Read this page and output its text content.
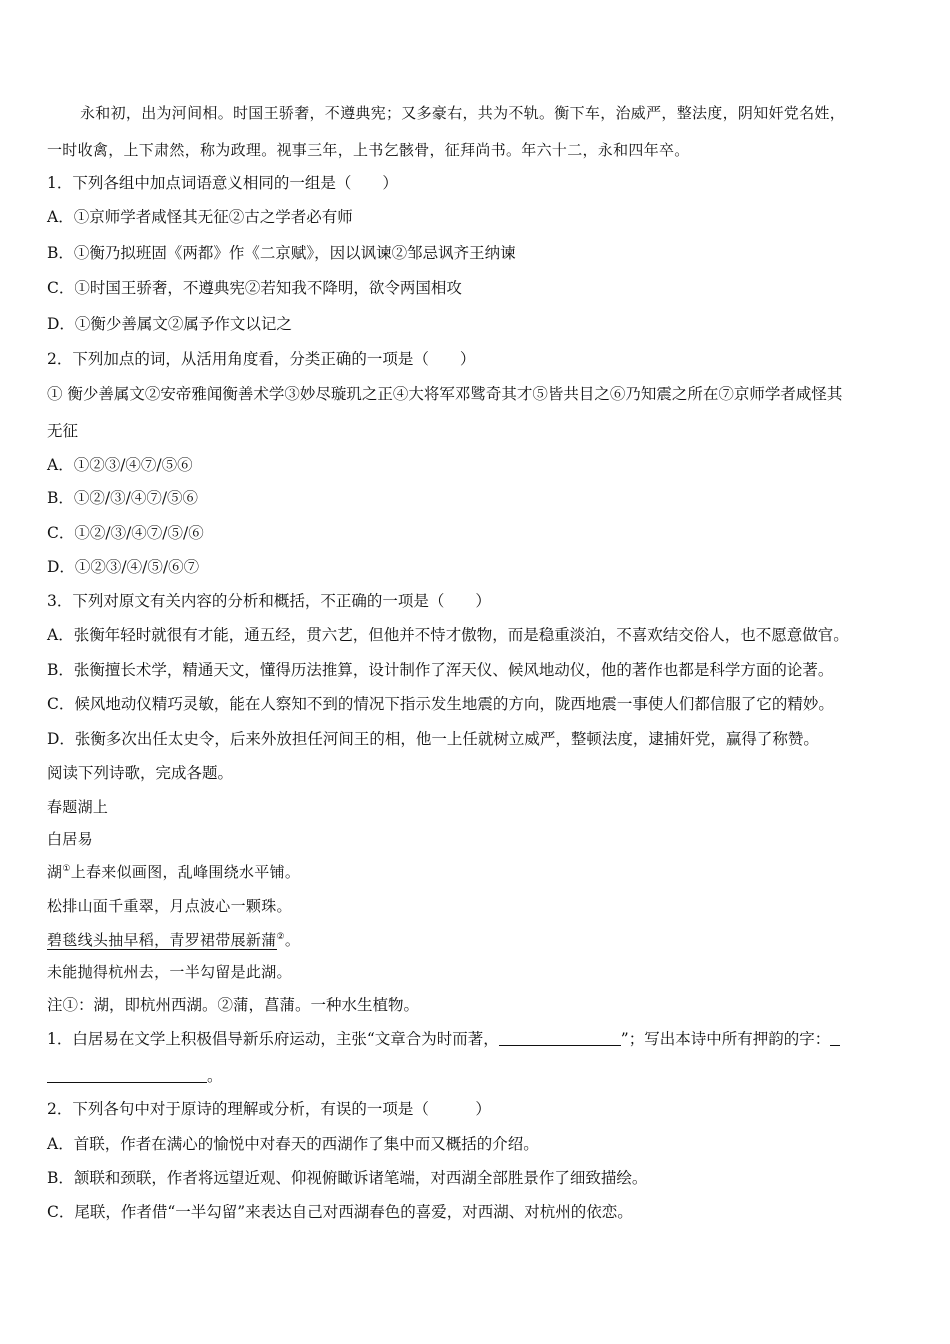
永和初，出为河间相。时国王骄奢，不遵典宪；又多豪右，共为不轨。衡下车，治威严，整法度，阴知奸党名姓，
一时收禽，上下肃然，称为政理。视事三年，上书乞骸骨，征拜尚书。年六十二，永和四年卒。
1．下列各组中加点词语意义相同的一组是（　　）
A．①京师学者咸怪其无征②古之学者必有师
B．①衡乃拟班固《两都》作《二京赋》，因以讽谏②邹忌讽齐王纳谏
C．①时国王骄奢，不遵典宪②若知我不降明，欲令两国相攻
D．①衡少善属文②属予作文以记之
2．下列加点的词，从活用角度看，分类正确的一项是（　　）
① 衡少善属文②安帝雅闻衡善术学③妙尽璇玑之正④大将军邓骘奇其才⑤皆共目之⑥乃知震之所在⑦京师学者咸怪其
无征
A．①②③/④⑦/⑤⑥
B．①②/③/④⑦/⑤⑥
C．①②/③/④⑦/⑤/⑥
D．①②③/④/⑤/⑥⑦
3．下列对原文有关内容的分析和概括，不正确的一项是（　　）
A．张衡年轻时就很有才能，通五经，贯六艺，但他并不恃才傲物，而是稳重淡泊，不喜欢结交俗人，也不愿意做官。
B．张衡擅长术学，精通天文，懂得历法推算，设计制作了浑天仪、候风地动仪，他的著作也都是科学方面的论著。
C．候风地动仪精巧灵敏，能在人察知不到的情况下指示发生地震的方向，陇西地震一事使人们都信服了它的精妙。
D．张衡多次出任太史令，后来外放担任河间王的相，他一上任就树立威严，整顿法度，逮捕奸党，赢得了称赞。
阅读下列诗歌，完成各题。
春题湖上
白居易
湖①上春来似画图，乱峰围绕水平铺。
松排山面千重翠，月点波心一颗珠。
碧毯线头抽早稻，青罗裙带展新蒲②。
未能抛得杭州去，一半勾留是此湖。
注①：湖，即杭州西湖。②蒲，菖蒲。一种水生植物。
1．白居易在文学上积极倡导新乐府运动，主张“文章合为时而著，	”；写出本诗中所有押韵的字：
。
2．下列各句中对于原诗的理解或分析，有误的一项是（　　　）
A．首联，作者在满心的愉悦中对春天的西湖作了集中而又概括的介绍。
B．颔联和颈联，作者将远望近观、仰视俯瞰诉诸笔端，对西湖全部胜景作了细致描绘。
C．尾联，作者借“一半勾留”来表达自己对西湖春色的喜爱，对西湖、对杭州的依恋。
